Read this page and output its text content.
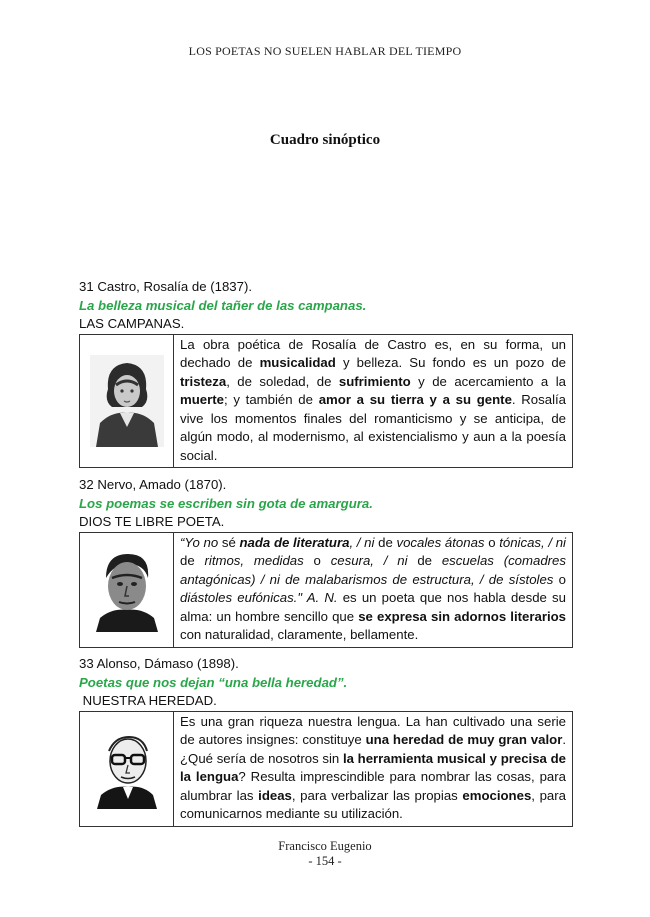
LOS POETAS NO SUELEN HABLAR DEL TIEMPO
Cuadro sinóptico
31 Castro, Rosalía de (1837).
La belleza musical del tañer de las campanas.
LAS CAMPANAS.
La obra poética de Rosalía de Castro es, en su forma, un dechado de musicalidad y belleza. Su fondo es un pozo de tristeza, de soledad, de sufrimiento y de acercamiento a la muerte; y también de amor a su tierra y a su gente. Rosalía vive los momentos finales del romanticismo y se anticipa, de algún modo, al modernismo, al existencialismo y aun a la poesía social.
32 Nervo, Amado (1870).
Los poemas se escriben sin gota de amargura.
DIOS TE LIBRE POETA.
“Yo no sé nada de literatura, / ni de vocales átonas o tónicas, / ni de ritmos, medidas o cesura, / ni de escuelas (comadres antagónicas) / ni de malabarismos de estructura, / de sístoles o diástoles eufónicas." A. N. es un poeta que nos habla desde su alma: un hombre sencillo que se expresa sin adornos literarios con naturalidad, claramente, bellamente.
33 Alonso, Dámaso (1898).
Poetas que nos dejan “una bella heredad”.
NUESTRA HEREDAD.
Es una gran riqueza nuestra lengua. La han cultivado una serie de autores insignes: constituye una heredad de muy gran valor. ¿Qué sería de nosotros sin la herramienta musical y precisa de la lengua? Resulta imprescindible para nombrar las cosas, para alumbrar las ideas, para verbalizar las propias emociones, para comunicarnos mediante su utilización.
Francisco Eugenio
- 154 -
